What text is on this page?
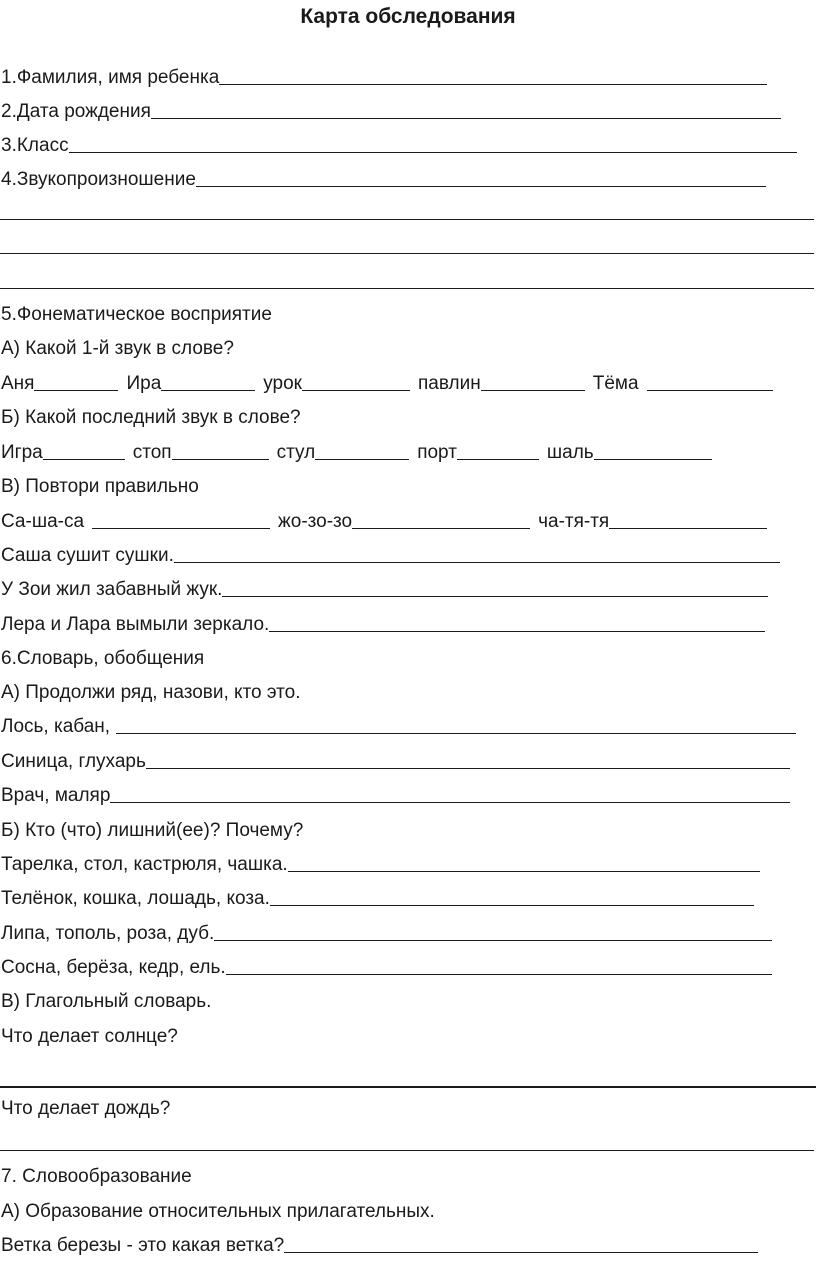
Карта обследования
1.Фамилия, имя ребенка
2.Дата рождения
3.Класс
4.Звукопроизношение
5.Фонематическое восприятие
А) Какой 1-й звук в слове?
Аня	Ира	урок	павлин	Тёма
Б) Какой последний звук в слове?
Игра	стоп	стул	порт	шаль
В) Повтори правильно
Са-ша-са	жо-зо-зо	ча-тя-тя
Саша сушит сушки.
У Зои жил забавный жук.
Лера и Лара вымыли зеркало.
6.Словарь, обобщения
А) Продолжи ряд, назови, кто это.
Лось, кабан,
Синица, глухарь
Врач, маляр
Б) Кто (что) лишний(ее)? Почему?
Тарелка, стол, кастрюля, чашка.
Телёнок, кошка, лошадь, коза.
Липа, тополь, роза, дуб.
Сосна, берёза, кедр, ель.
В) Глагольный словарь.
Что делает солнце?
Что делает дождь?
7. Словообразование
А) Образование относительных прилагательных.
Ветка березы - это какая ветка?
